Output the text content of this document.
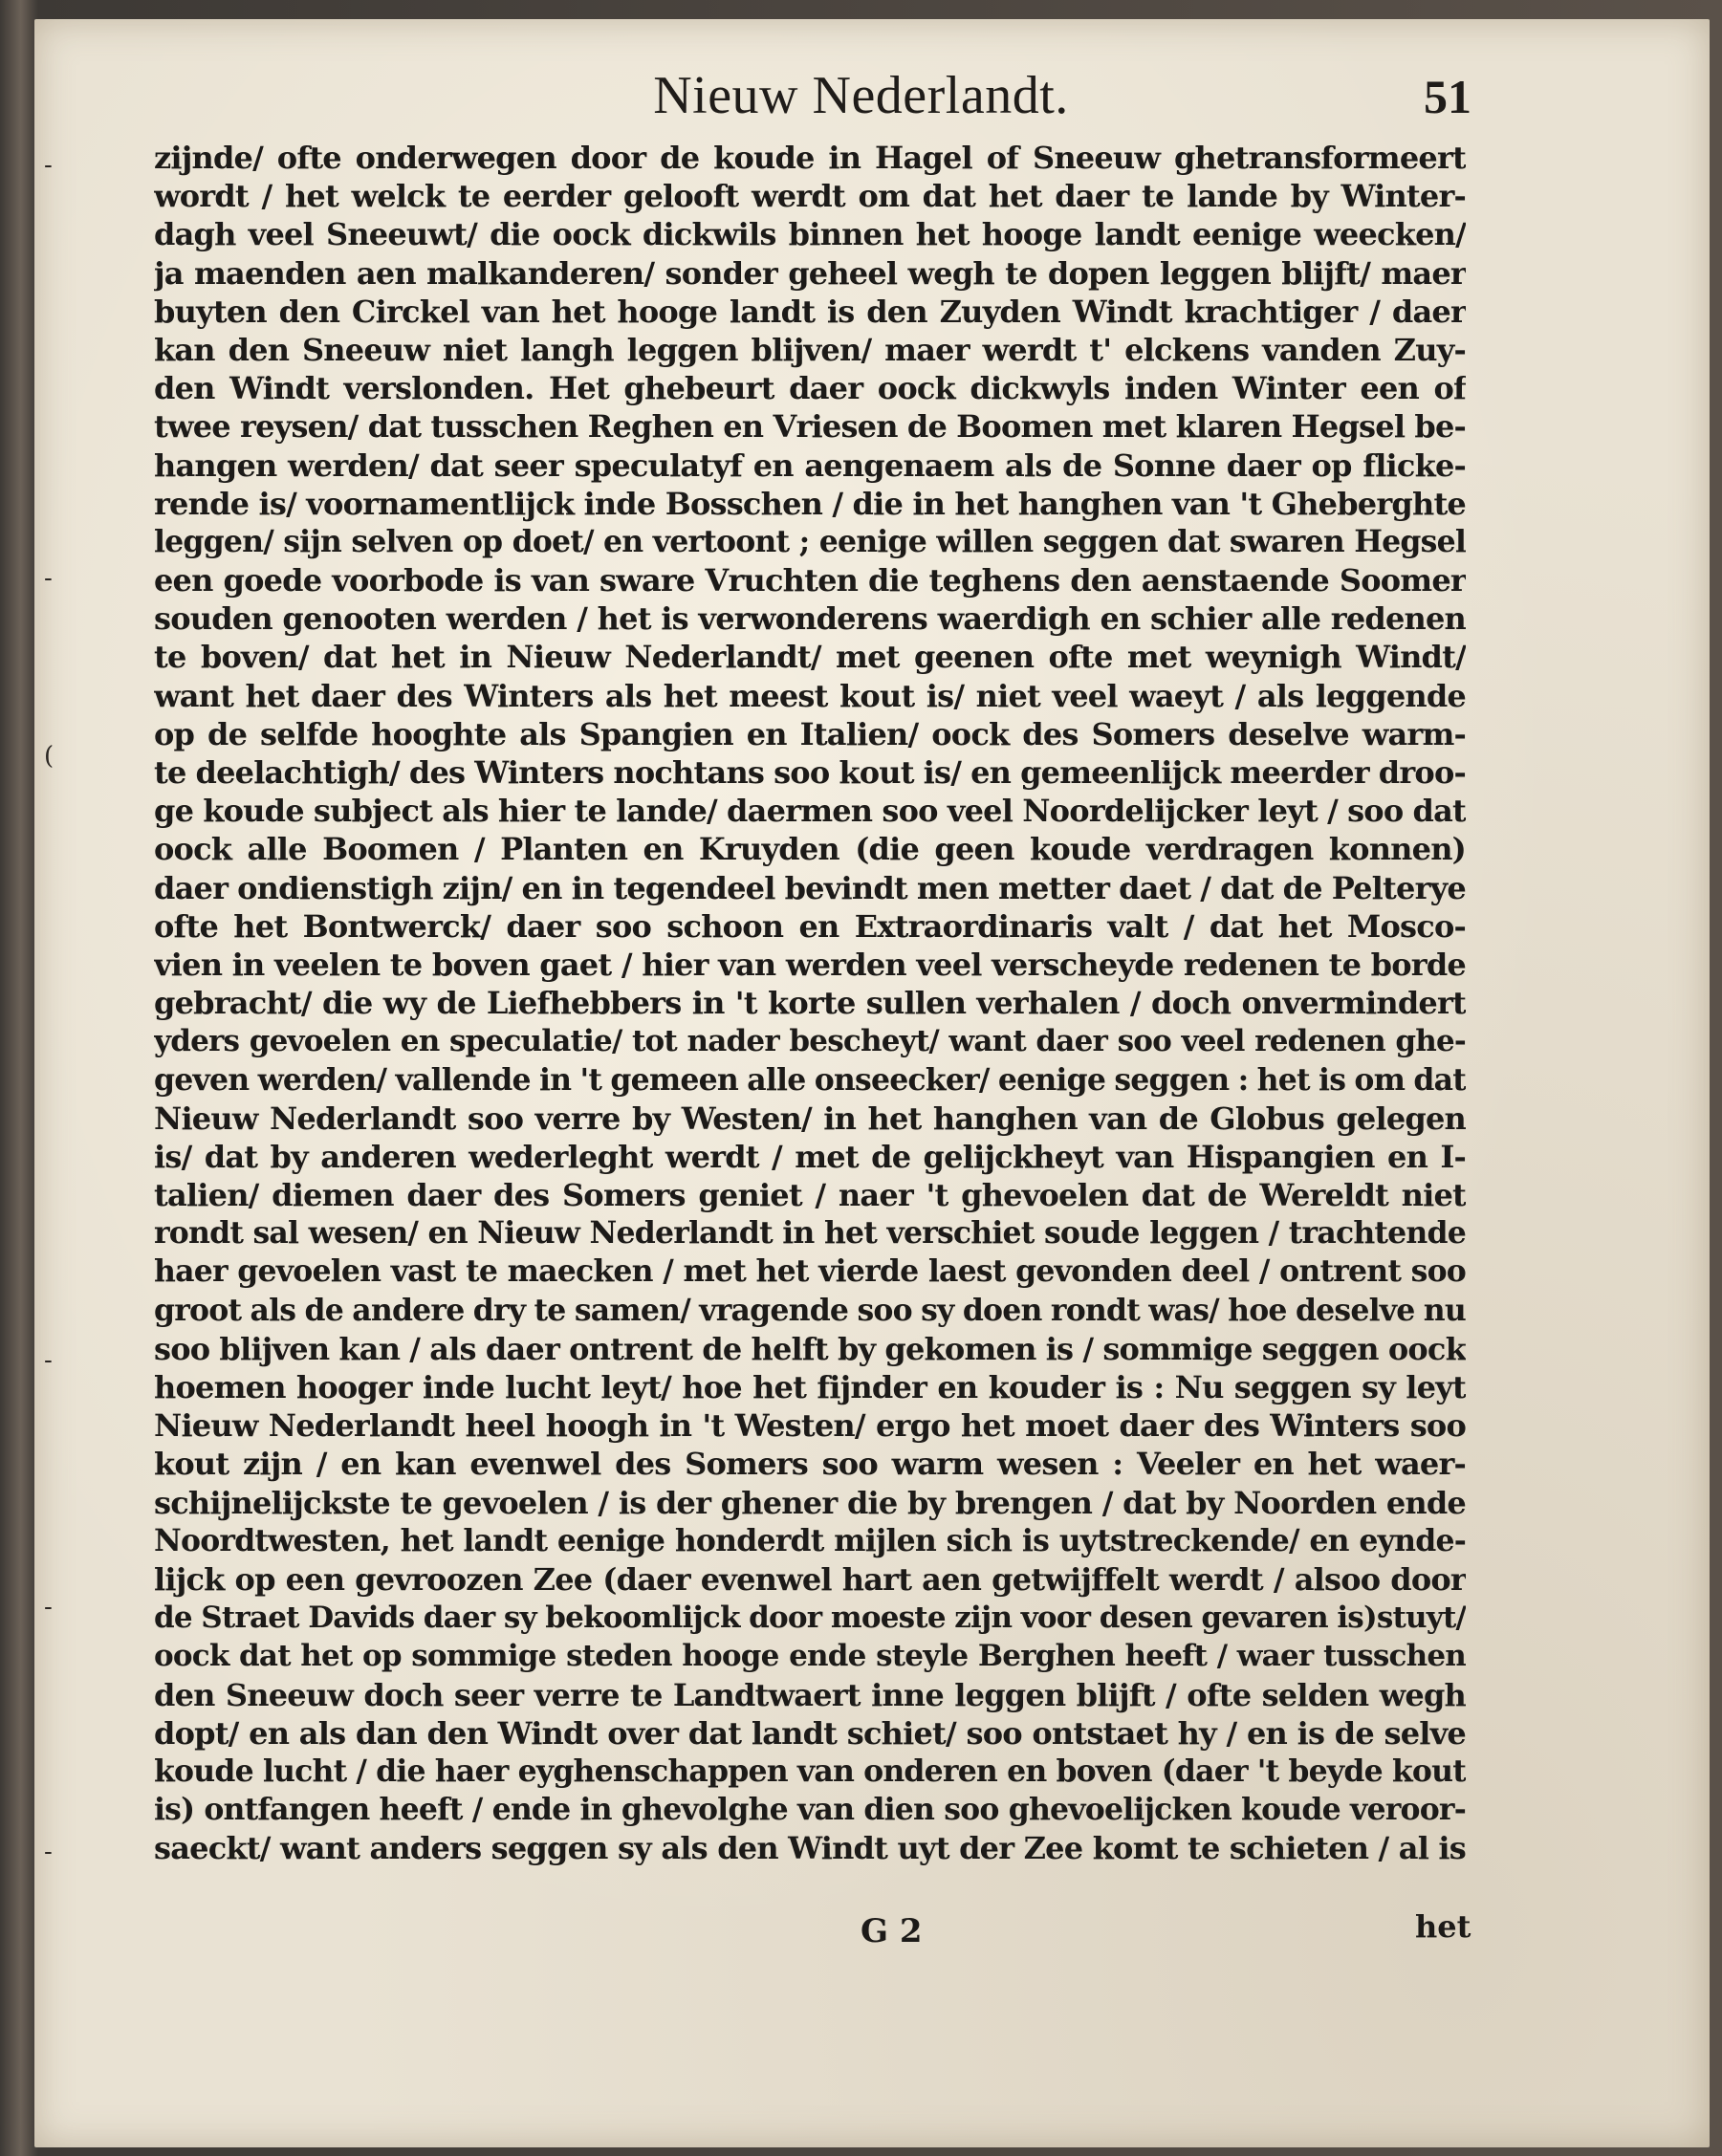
-
-
(
-
-
-
Nieuw Nederlandt.	51
zijnde/ ofte onderwegen door de koude in Hagel of Sneeuw ghetransformeert
wordt / het welck te eerder gelooft werdt om dat het daer te lande by Winter-
dagh veel Sneeuwt/ die oock dickwils binnen het hooge landt eenige weecken/
ja maenden aen malkanderen/ sonder geheel wegh te dopen leggen blijft/ maer
buyten den Circkel van het hooge landt is den Zuyden Windt krachtiger / daer
kan den Sneeuw niet langh leggen blijven/ maer werdt t' elckens vanden Zuy-
den Windt verslonden. Het ghebeurt daer oock dickwyls inden Winter een of
twee reysen/ dat tusschen Reghen en Vriesen de Boomen met klaren Hegsel be-
hangen werden/ dat seer speculatyf en aengenaem als de Sonne daer op flicke-
rende is/ voornamentlijck inde Bosschen / die in het hanghen van 't Gheberghte
leggen/ sijn selven op doet/ en vertoont ; eenige willen seggen dat swaren Hegsel
een goede voorbode is van sware Vruchten die teghens den aenstaende Soomer
souden genooten werden / het is verwonderens waerdigh en schier alle redenen
te boven/ dat het in Nieuw Nederlandt/ met geenen ofte met weynigh Windt/
want het daer des Winters als het meest kout is/ niet veel waeyt / als leggende
op de selfde hooghte als Spangien en Italien/ oock des Somers deselve warm-
te deelachtigh/ des Winters nochtans soo kout is/ en gemeenlijck meerder droo-
ge koude subject als hier te lande/ daermen soo veel Noordelijcker leyt / soo dat
oock alle Boomen / Planten en Kruyden (die geen koude verdragen konnen)
daer ondienstigh zijn/ en in tegendeel bevindt men metter daet / dat de Pelterye
ofte het Bontwerck/ daer soo schoon en Extraordinaris valt / dat het Mosco-
vien in veelen te boven gaet / hier van werden veel verscheyde redenen te borde
gebracht/ die wy de Liefhebbers in 't korte sullen verhalen / doch onvermindert
yders gevoelen en speculatie/ tot nader bescheyt/ want daer soo veel redenen ghe-
geven werden/ vallende in 't gemeen alle onseecker/ eenige seggen : het is om dat
Nieuw Nederlandt soo verre by Westen/ in het hanghen van de Globus gelegen
is/ dat by anderen wederleght werdt / met de gelijckheyt van Hispangien en I-
talien/ diemen daer des Somers geniet / naer 't ghevoelen dat de Wereldt niet
rondt sal wesen/ en Nieuw Nederlandt in het verschiet soude leggen / trachtende
haer gevoelen vast te maecken / met het vierde laest gevonden deel / ontrent soo
groot als de andere dry te samen/ vragende soo sy doen rondt was/ hoe deselve nu
soo blijven kan / als daer ontrent de helft by gekomen is / sommige seggen oock
hoemen hooger inde lucht leyt/ hoe het fijnder en kouder is : Nu seggen sy leyt
Nieuw Nederlandt heel hoogh in 't Westen/ ergo het moet daer des Winters soo
kout zijn / en kan evenwel des Somers soo warm wesen : Veeler en het waer-
schijnelijckste te gevoelen / is der ghener die by brengen / dat by Noorden ende
Noordtwesten, het landt eenige honderdt mijlen sich is uytstreckende/ en eynde-
lijck op een gevroozen Zee (daer evenwel hart aen getwijffelt werdt / alsoo door
de Straet Davids daer sy bekoomlijck door moeste zijn voor desen gevaren is)stuyt/
oock dat het op sommige steden hooge ende steyle Berghen heeft / waer tusschen
den Sneeuw doch seer verre te Landtwaert inne leggen blijft / ofte selden wegh
dopt/ en als dan den Windt over dat landt schiet/ soo ontstaet hy / en is de selve
koude lucht / die haer eyghenschappen van onderen en boven (daer 't beyde kout
is) ontfangen heeft / ende in ghevolghe van dien soo ghevoelijcken koude veroor-
saeckt/ want anders seggen sy als den Windt uyt der Zee komt te schieten / al is
G 2	het
